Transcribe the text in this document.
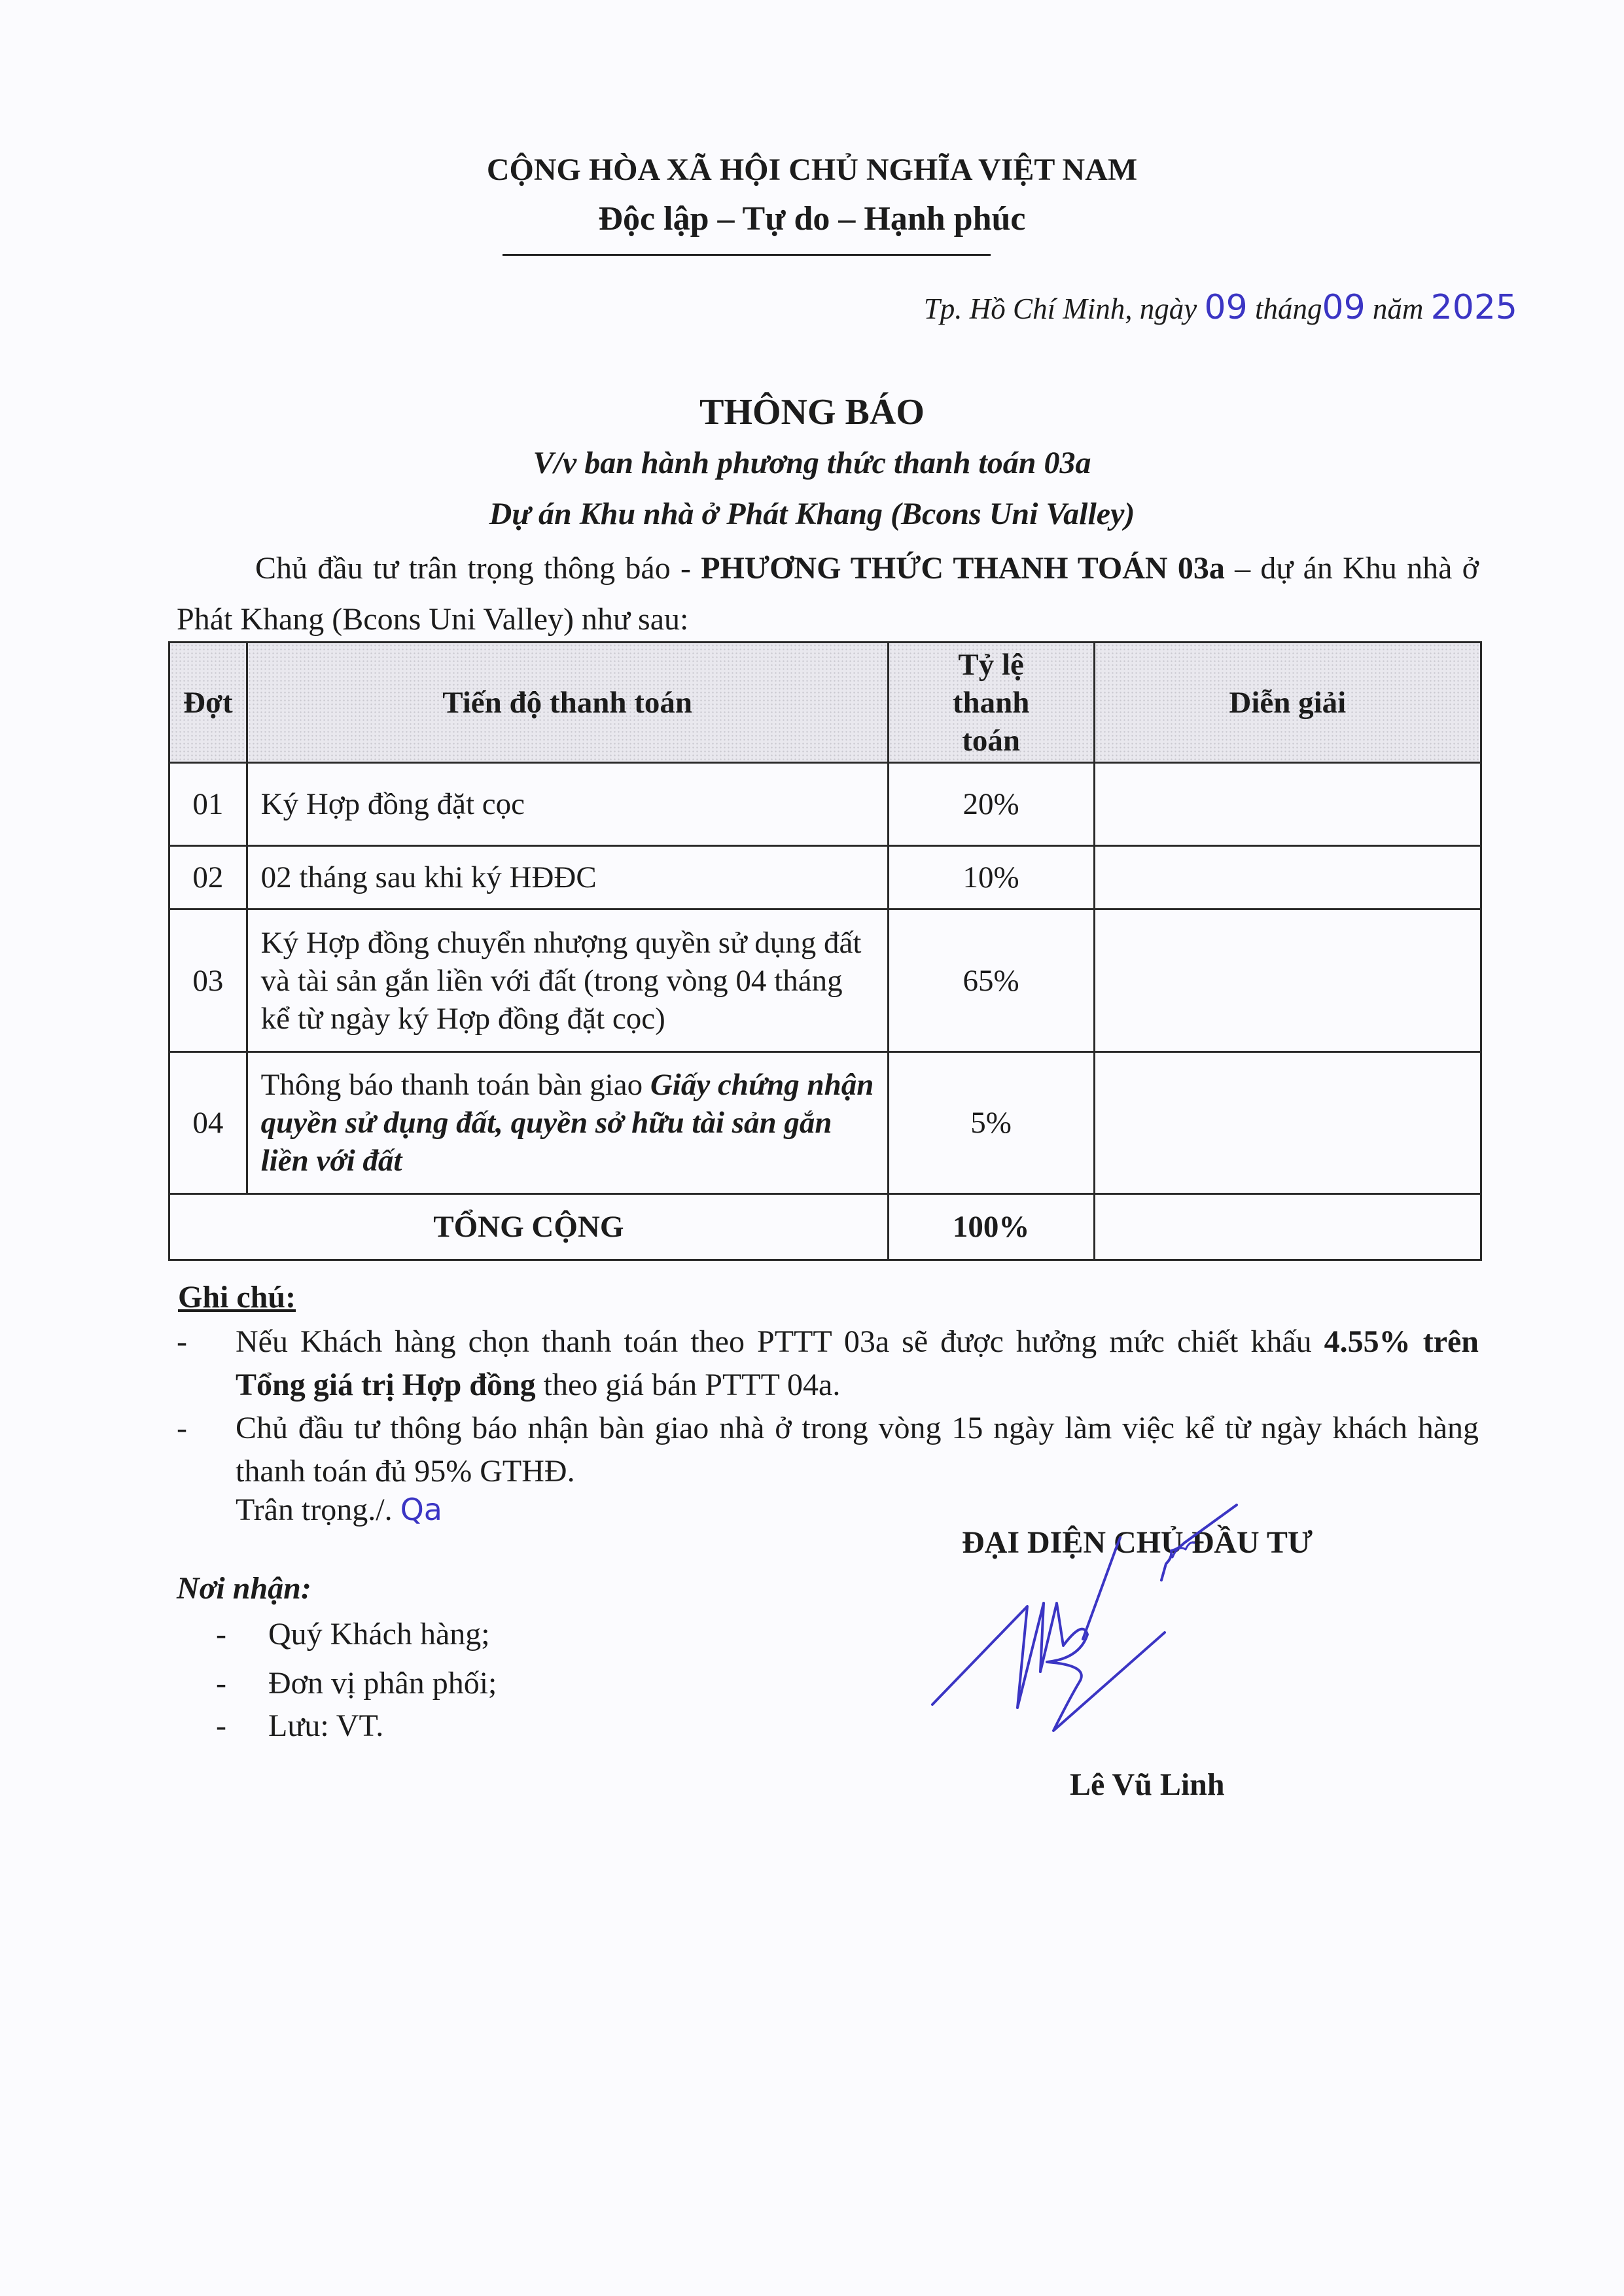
CỘNG HÒA XÃ HỘI CHỦ NGHĨA VIỆT NAM
Độc lập – Tự do – Hạnh phúc
Tp. Hồ Chí Minh, ngày 09 tháng09 năm 2025
THÔNG BÁO
V/v ban hành phương thức thanh toán 03a
Dự án Khu nhà ở Phát Khang (Bcons Uni Valley)
Chủ đầu tư trân trọng thông báo - PHƯƠNG THỨC THANH TOÁN 03a – dự án Khu nhà ở Phát Khang (Bcons Uni Valley) như sau:
Đợt	Tiến độ thanh toán	Tỷ lệ thanh toán	Diễn giải
01	Ký Hợp đồng đặt cọc	20%	
02	02 tháng sau khi ký HĐĐC	10%	
03	Ký Hợp đồng chuyển nhượng quyền sử dụng đất và tài sản gắn liền với đất (trong vòng 04 tháng kể từ ngày ký Hợp đồng đặt cọc)	65%	
04	Thông báo thanh toán bàn giao Giấy chứng nhận quyền sử dụng đất, quyền sở hữu tài sản gắn liền với đất	5%	
TỔNG CỘNG		100%	
Ghi chú:
-	Nếu Khách hàng chọn thanh toán theo PTTT 03a sẽ được hưởng mức chiết khấu 4.55% trên Tổng giá trị Hợp đồng theo giá bán PTTT 04a.
-	Chủ đầu tư thông báo nhận bàn giao nhà ở trong vòng 15 ngày làm việc kể từ ngày khách hàng thanh toán đủ 95% GTHĐ.
Trân trọng./. Qa
Nơi nhận:
- Quý Khách hàng;
- Đơn vị phân phối;
- Lưu: VT.
ĐẠI DIỆN CHỦ ĐẦU TƯ
Lê Vũ Linh
